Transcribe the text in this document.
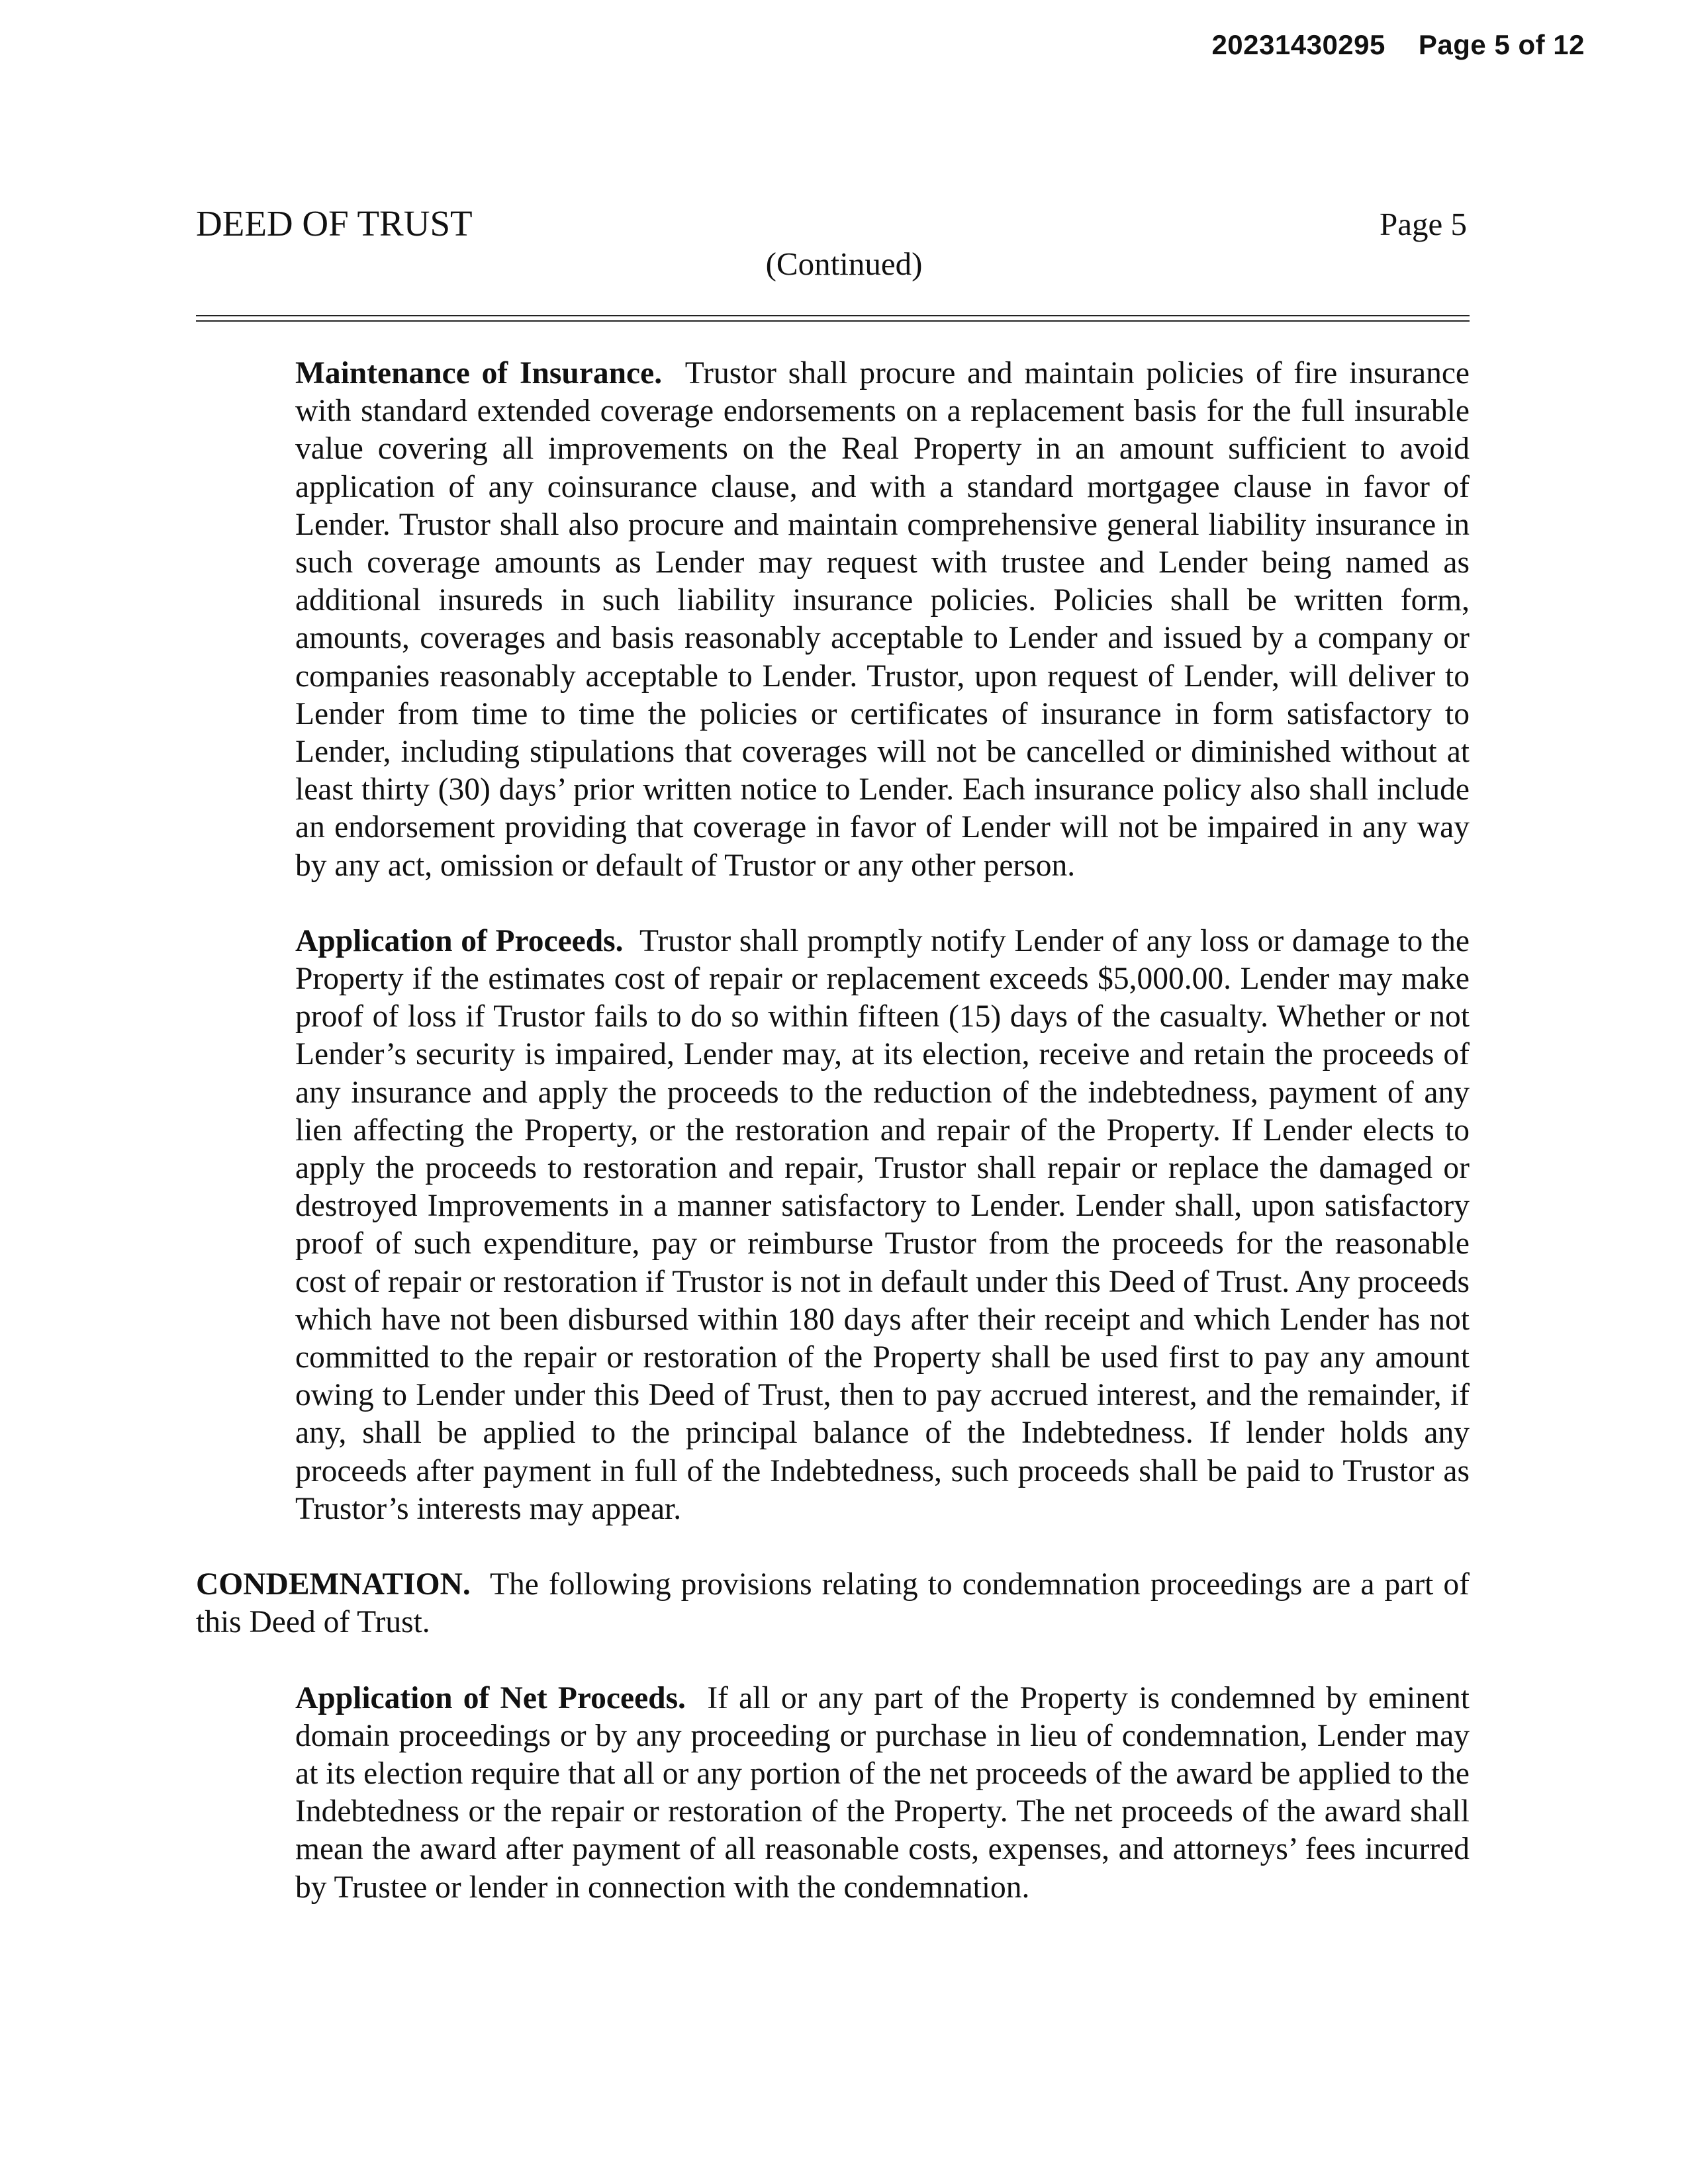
20231430295 Page 5 of 12
DEED OF TRUST	Page 5
(Continued)

Maintenance of Insurance. Trustor shall procure and maintain policies of fire insurance with standard extended coverage endorsements on a replacement basis for the full insurable value covering all improvements on the Real Property in an amount sufficient to avoid application of any coinsurance clause, and with a standard mortgagee clause in favor of Lender. Trustor shall also procure and maintain comprehensive general liability insurance in such coverage amounts as Lender may request with trustee and Lender being named as additional insureds in such liability insurance policies. Policies shall be written form, amounts, coverages and basis reasonably acceptable to Lender and issued by a company or companies reasonably acceptable to Lender. Trustor, upon request of Lender, will deliver to Lender from time to time the policies or certificates of insurance in form satisfactory to Lender, including stipulations that coverages will not be cancelled or diminished without at least thirty (30) days’ prior written notice to Lender. Each insurance policy also shall include an endorsement providing that coverage in favor of Lender will not be impaired in any way by any act, omission or default of Trustor or any other person.

Application of Proceeds. Trustor shall promptly notify Lender of any loss or damage to the Property if the estimates cost of repair or replacement exceeds $5,000.00. Lender may make proof of loss if Trustor fails to do so within fifteen (15) days of the casualty. Whether or not Lender’s security is impaired, Lender may, at its election, receive and retain the proceeds of any insurance and apply the proceeds to the reduction of the indebtedness, payment of any lien affecting the Property, or the restoration and repair of the Property. If Lender elects to apply the proceeds to restoration and repair, Trustor shall repair or replace the damaged or destroyed Improvements in a manner satisfactory to Lender. Lender shall, upon satisfactory proof of such expenditure, pay or reimburse Trustor from the proceeds for the reasonable cost of repair or restoration if Trustor is not in default under this Deed of Trust. Any proceeds which have not been disbursed within 180 days after their receipt and which Lender has not committed to the repair or restoration of the Property shall be used first to pay any amount owing to Lender under this Deed of Trust, then to pay accrued interest, and the remainder, if any, shall be applied to the principal balance of the Indebtedness. If lender holds any proceeds after payment in full of the Indebtedness, such proceeds shall be paid to Trustor as Trustor’s interests may appear.

CONDEMNATION. The following provisions relating to condemnation proceedings are a part of this Deed of Trust.

Application of Net Proceeds. If all or any part of the Property is condemned by eminent domain proceedings or by any proceeding or purchase in lieu of condemnation, Lender may at its election require that all or any portion of the net proceeds of the award be applied to the Indebtedness or the repair or restoration of the Property. The net proceeds of the award shall mean the award after payment of all reasonable costs, expenses, and attorneys’ fees incurred by Trustee or lender in connection with the condemnation.
